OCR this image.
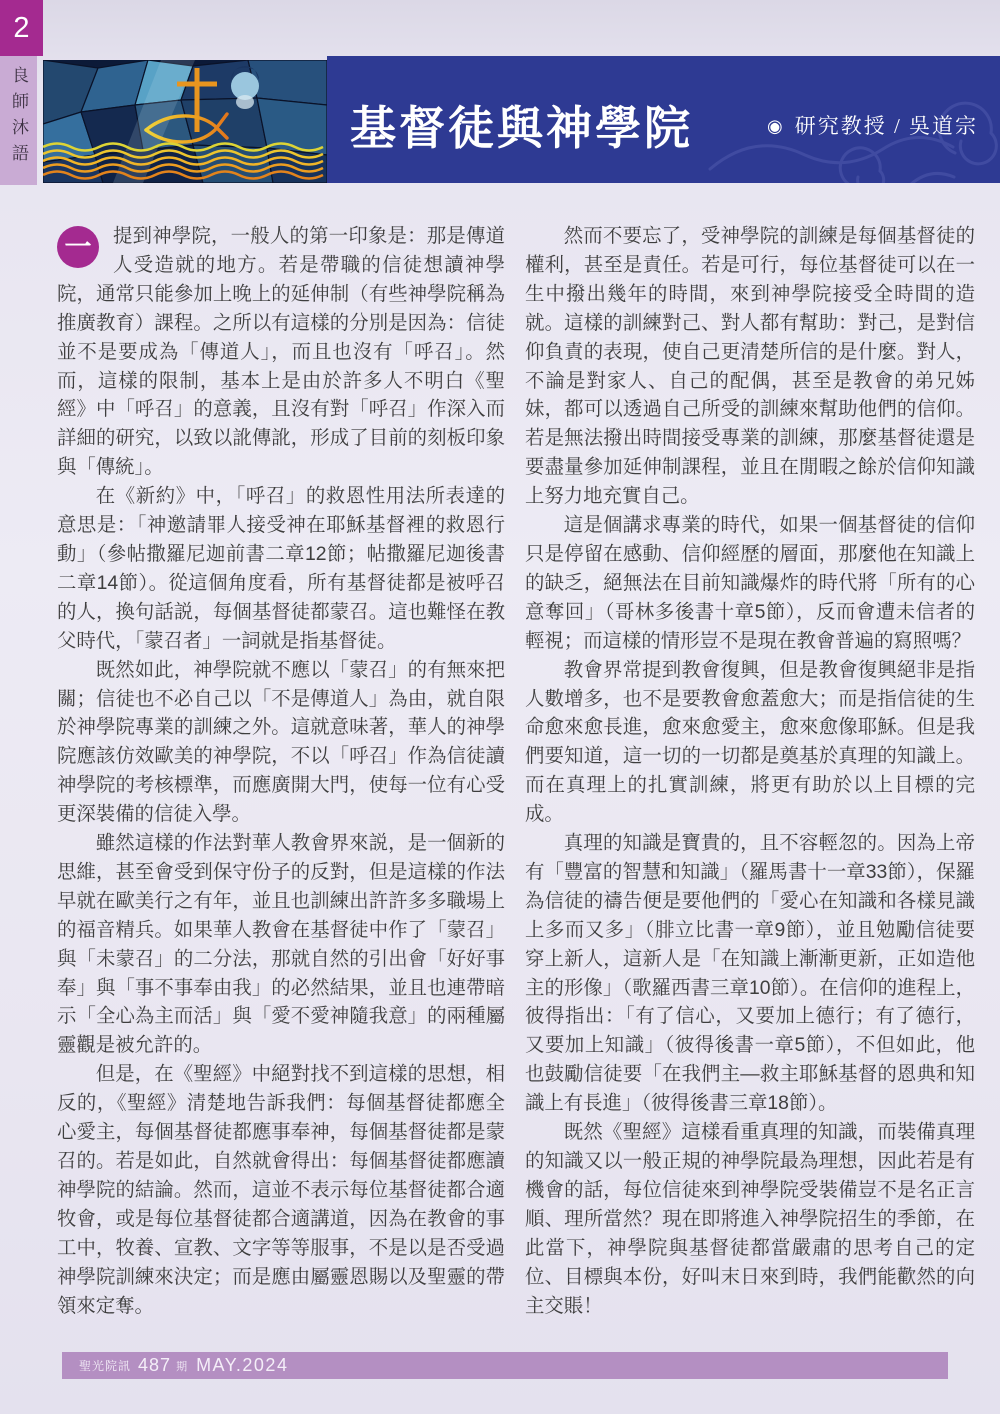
2
良師沐語	基督徒與神學院	◉ 研究教授 / 吳道宗

一	提到神學院，一般人的第一印象是：那是傳道人受造就的地方。若是帶職的信徒想讀神學院，通常只能參加上晚上的延伸制（有些神學院稱為推廣教育）課程。之所以有這樣的分別是因為：信徒並不是要成為「傳道人」，而且也沒有「呼召」。然而，這樣的限制，基本上是由於許多人不明白《聖經》中「呼召」的意義，且沒有對「呼召」作深入而詳細的研究，以致以訛傳訛，形成了目前的刻板印象與「傳統」。

在《新約》中，「呼召」的救恩性用法所表達的意思是：「神邀請罪人接受神在耶穌基督裡的救恩行動」（參帖撒羅尼迦前書二章12節；帖撒羅尼迦後書二章14節）。從這個角度看，所有基督徒都是被呼召的人，換句話説，每個基督徒都蒙召。這也難怪在教父時代，「蒙召者」一詞就是指基督徒。

既然如此，神學院就不應以「蒙召」的有無來把關；信徒也不必自己以「不是傳道人」為由，就自限於神學院專業的訓練之外。這就意味著，華人的神學院應該仿效歐美的神學院，不以「呼召」作為信徒讀神學院的考核標準，而應廣開大門，使每一位有心受更深裝備的信徒入學。

雖然這樣的作法對華人教會界來説，是一個新的思維，甚至會受到保守份子的反對，但是這樣的作法早就在歐美行之有年，並且也訓練出許許多多職場上的福音精兵。如果華人教會在基督徒中作了「蒙召」與「未蒙召」的二分法，那就自然的引出會「好好事奉」與「事不事奉由我」的必然結果，並且也連帶暗示「全心為主而活」與「愛不愛神隨我意」的兩種屬靈觀是被允許的。

但是，在《聖經》中絕對找不到這樣的思想，相反的，《聖經》清楚地告訴我們：每個基督徒都應全心愛主，每個基督徒都應事奉神，每個基督徒都是蒙召的。若是如此，自然就會得出：每個基督徒都應讀神學院的結論。然而，這並不表示每位基督徒都合適牧會，或是每位基督徒都合適講道，因為在教會的事工中，牧養、宣教、文字等等服事，不是以是否受過神學院訓練來決定；而是應由屬靈恩賜以及聖靈的帶領來定奪。

然而不要忘了，受神學院的訓練是每個基督徒的權利，甚至是責任。若是可行，每位基督徒可以在一生中撥出幾年的時間，來到神學院接受全時間的造就。這樣的訓練對己、對人都有幫助：對己，是對信仰負責的表現，使自己更清楚所信的是什麼。對人，不論是對家人、自己的配偶，甚至是教會的弟兄姊妹，都可以透過自己所受的訓練來幫助他們的信仰。若是無法撥出時間接受專業的訓練，那麼基督徒還是要盡量參加延伸制課程，並且在閒暇之餘於信仰知識上努力地充實自己。

這是個講求專業的時代，如果一個基督徒的信仰只是停留在感動、信仰經歷的層面，那麼他在知識上的缺乏，絕無法在目前知識爆炸的時代將「所有的心意奪回」（哥林多後書十章5節），反而會遭未信者的輕視；而這樣的情形豈不是現在教會普遍的寫照嗎？

教會界常提到教會復興，但是教會復興絕非是指人數增多，也不是要教會愈蓋愈大；而是指信徒的生命愈來愈長進，愈來愈愛主，愈來愈像耶穌。但是我們要知道，這一切的一切都是奠基於真理的知識上。而在真理上的扎實訓練，將更有助於以上目標的完成。

真理的知識是寶貴的，且不容輕忽的。因為上帝有「豐富的智慧和知識」（羅馬書十一章33節），保羅為信徒的禱告便是要他們的「愛心在知識和各樣見識上多而又多」（腓立比書一章9節），並且勉勵信徒要穿上新人，這新人是「在知識上漸漸更新，正如造他主的形像」（歌羅西書三章10節）。在信仰的進程上，彼得指出：「有了信心，又要加上德行；有了德行，又要加上知識」（彼得後書一章5節），不但如此，他也鼓勵信徒要「在我們主—救主耶穌基督的恩典和知識上有長進」（彼得後書三章18節）。

既然《聖經》這樣看重真理的知識，而裝備真理的知識又以一般正規的神學院最為理想，因此若是有機會的話，每位信徒來到神學院受裝備豈不是名正言順、理所當然？現在即將進入神學院招生的季節，在此當下，神學院與基督徒都當嚴肅的思考自己的定位、目標與本份，好叫末日來到時，我們能歡然的向主交賬！

聖光院訊 487 期 MAY.2024
